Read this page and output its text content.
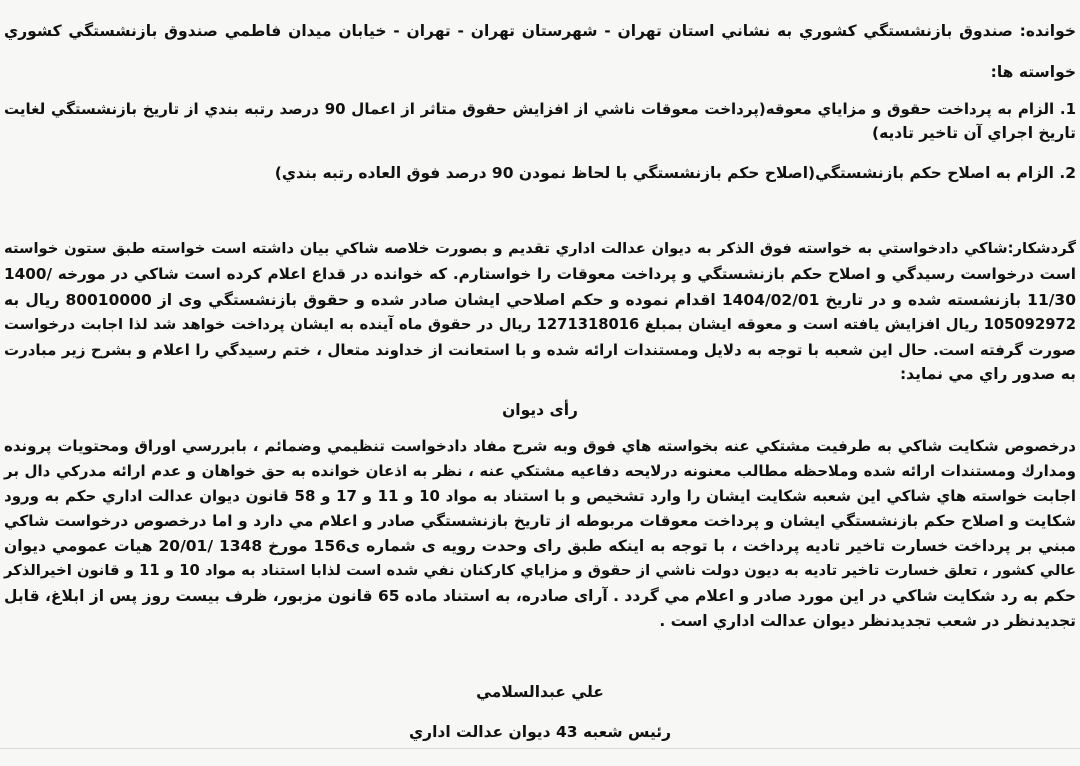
خوانده: صندوق بازنشستگي كشوري به نشاني استان تهران - شهرستان تهران - تهران - خيابان ميدان فاطمي صندوق بازنشستگي كشوري
خواسته ها:
1. الزام به پرداخت حقوق و مزاياي معوقه(پرداخت معوقات ناشي از افزايش حقوق متاثر از اعمال 90 درصد رتبه بندي از تاريخ بازنشستگي لغايت
تاريخ اجراي آن تاخير تاديه)
2. الزام به اصلاح حكم بازنشستگي(اصلاح حكم بازنشستگي با لحاظ نمودن 90 درصد فوق العاده رتبه بندي)
گردشكار:شاكي دادخواستي به خواسته فوق الذكر به ديوان عدالت اداري تقديم و بصورت خلاصه شاكي بيان داشته است خواسته طبق ستون خواسته
است درخواست رسيدگي و اصلاح حكم بازنشستگي و پرداخت معوقات را خواستارم. كه خوانده در قداع اعلام كرده است شاكي در مورخه /1400
11/30 بازنشسته شده و در تاريخ 1404/02/01 اقدام نموده و حكم اصلاحي ايشان صادر شده و حقوق بازنشستگي وی از 80010000 ريال به
105092972 ريال افزايش يافته است و معوقه ايشان بمبلغ 1271318016 ريال در حقوق ماه آينده به ايشان پرداخت خواهد شد لذا اجابت درخواست
صورت گرفته است. حال اين شعبه با توجه به دلايل ومستندات ارائه شده و با استعانت از خداوند متعال ، ختم رسيدگي را اعلام و بشرح زير مبادرت
به صدور راي مي نمايد:
رأی ديوان
درخصوص شكايت شاكي به طرفيت مشتكي عنه بخواسته هاي فوق وبه شرح مفاد دادخواست تنظيمي وضمائم ، بابررسي اوراق ومحتويات پرونده
ومدارك ومستندات ارائه شده وملاحظه مطالب معنونه درلايحه دفاعيه مشتكي عنه ، نظر به اذعان خوانده به حق خواهان و عدم ارائه مدركي دال بر
اجابت خواسته هاي شاكي اين شعبه شكايت ايشان را وارد تشخيص و با استناد به مواد 10 و 11 و 17 و 58 قانون ديوان عدالت اداري حكم به ورود
شكايت و اصلاح حكم بازنشستگي ايشان و پرداخت معوقات مربوطه از تاريخ بازنشستگي صادر و اعلام مي دارد و اما درخصوص درخواست شاكي
مبني بر پرداخت خسارت تاخير تاديه پرداخت ، با توجه به اينكه طبق رای وحدت رويه ی شماره ی156 مورخ 1348 /20/01 هيات عمومي ديوان
عالي كشور ، تعلق خسارت تاخير تاديه به ديون دولت ناشي از حقوق و مزاياي كاركنان نفي شده است لذابا استناد به مواد 10 و 11 و قانون اخيرالذكر
حكم به رد شكايت شاكي در اين مورد صادر و اعلام مي گردد . آرای صادره، به استناد ماده 65 قانون مزبور، ظرف بيست روز پس از ابلاغ، قابل
تجديدنظر در شعب تجديدنظر ديوان عدالت اداري است .
علي عبدالسلامي
رئيس شعبه 43 ديوان عدالت اداري
